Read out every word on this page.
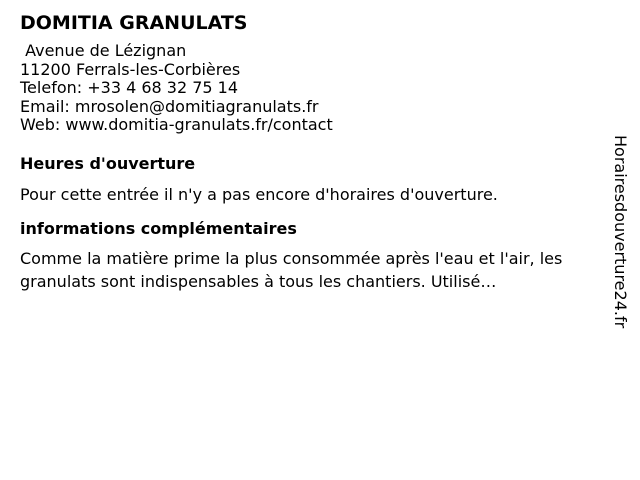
DOMITIA GRANULATS
Avenue de Lézignan
11200 Ferrals-les-Corbières
Telefon: +33 4 68 32 75 14
Email: mrosolen@domitiagranulats.fr
Web: www.domitia-granulats.fr/contact
Heures d'ouverture
Pour cette entrée il n'y a pas encore d'horaires d'ouverture.
informations complémentaires
Comme la matière prime la plus consommée après l'eau et l'air, les granulats sont indispensables à tous les chantiers. Utilisé…	Horairesdouverture24.fr
